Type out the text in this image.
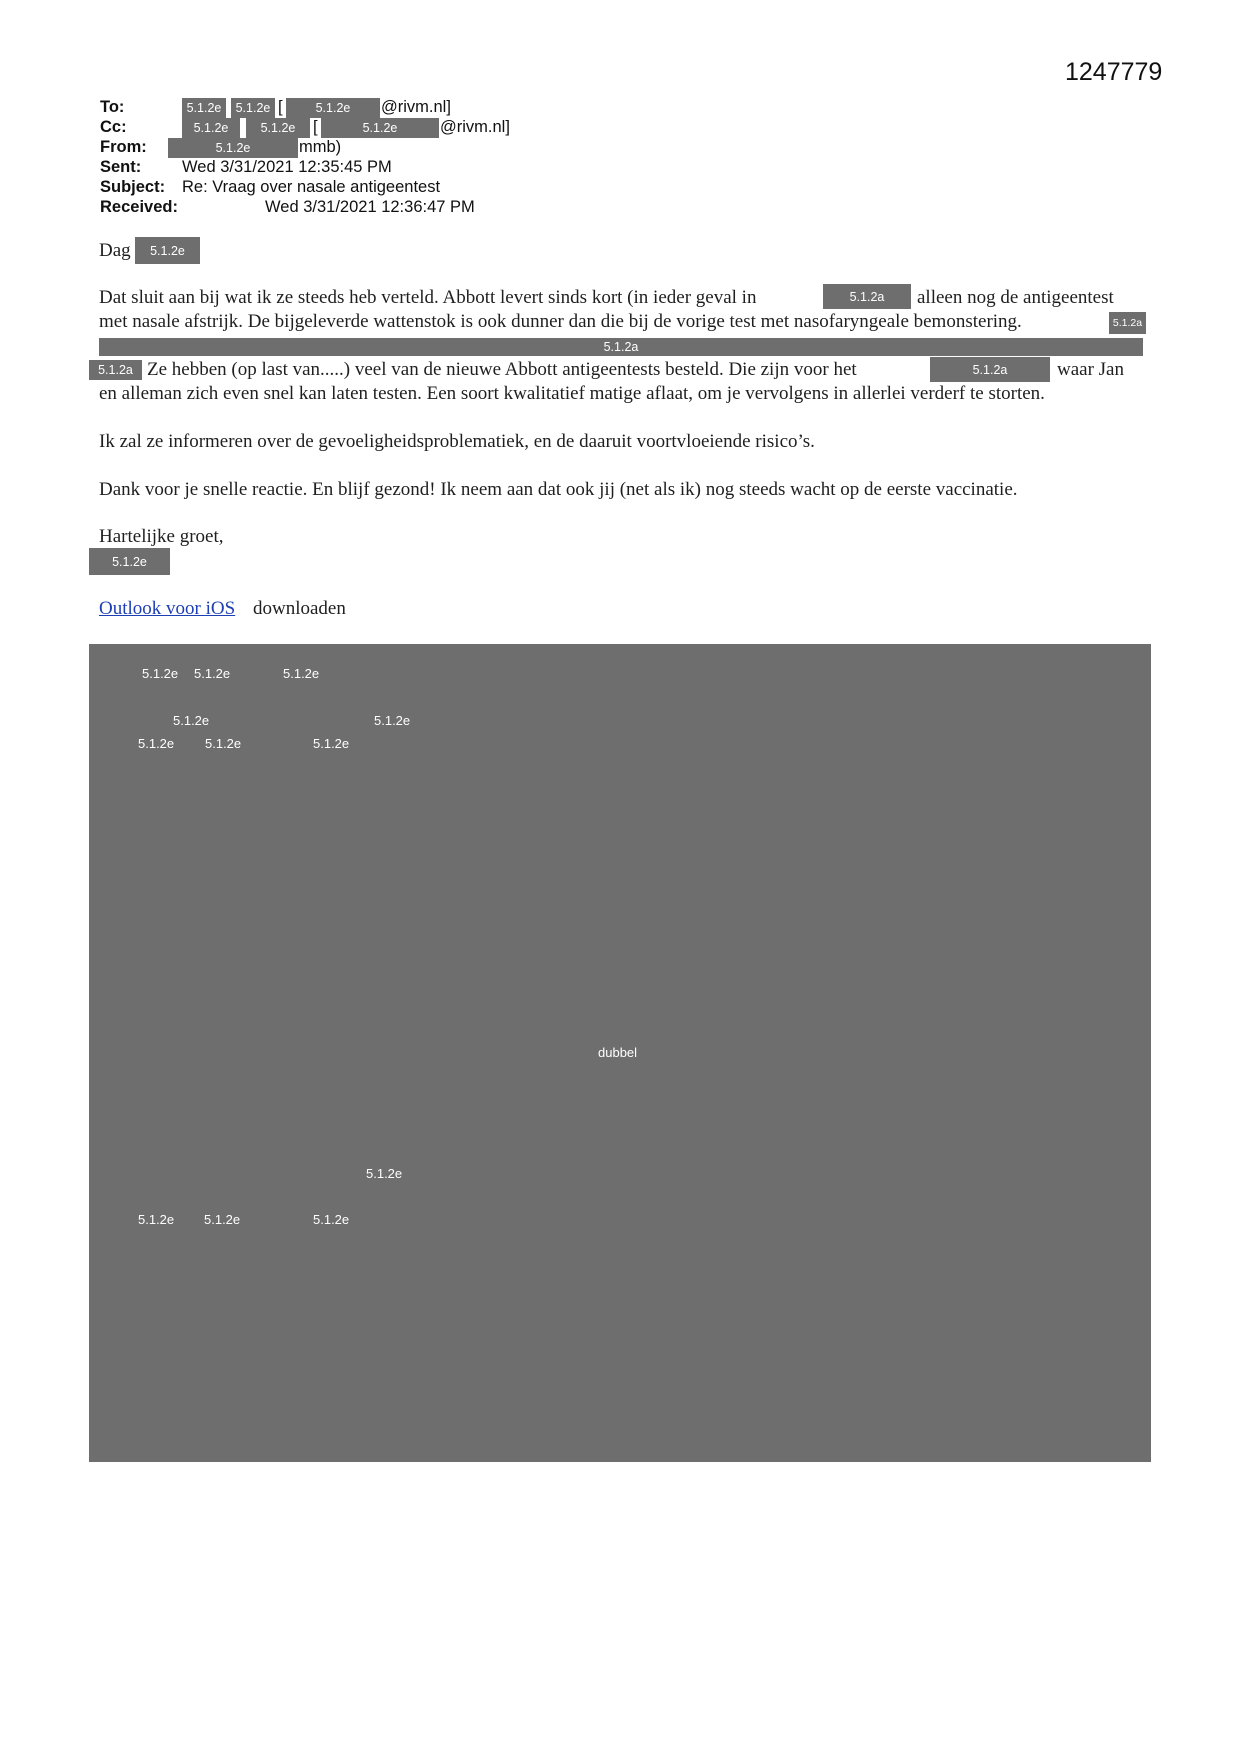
1247779
To:	5.1.2e	5.1.2e [	5.1.2e	@rivm.nl]
Cc:	5.1.2e	5.1.2e	[	5.1.2e	@rivm.nl]
From:	5.1.2e	mmb)
Sent: Wed 3/31/2021 12:35:45 PM
Subject: Re: Vraag over nasale antigeentest
Received:	Wed 3/31/2021 12:36:47 PM
Dag	5.1.2e
Dat sluit aan bij wat ik ze steeds heb verteld. Abbott levert sinds kort (in ieder geval in	5.1.2a	alleen nog de antigeentest
met nasale afstrijk. De bijgeleverde wattenstok is ook dunner dan die bij de vorige test met nasofaryngeale bemonstering.	5.1.2a
5.1.2a
5.1.2a Ze hebben (op last van.....) veel van de nieuwe Abbott antigeentests besteld. Die zijn voor het	5.1.2a	waar Jan
en alleman zich even snel kan laten testen. Een soort kwalitatief matige aflaat, om je vervolgens in allerlei verderf te storten.
Ik zal ze informeren over de gevoeligheidsproblematiek, en de daaruit voortvloeiende risico’s.
Dank voor je snelle reactie. En blijf gezond! Ik neem aan dat ook jij (net als ik) nog steeds wacht op de eerste vaccinatie.
Hartelijke groet,
5.1.2e
Outlook voor iOS downloaden
5.1.2e 5.1.2e	5.1.2e
5.1.2e	5.1.2e
5.1.2e 5.1.2e	5.1.2e
dubbel
5.1.2e
5.1.2e 5.1.2e	5.1.2e
